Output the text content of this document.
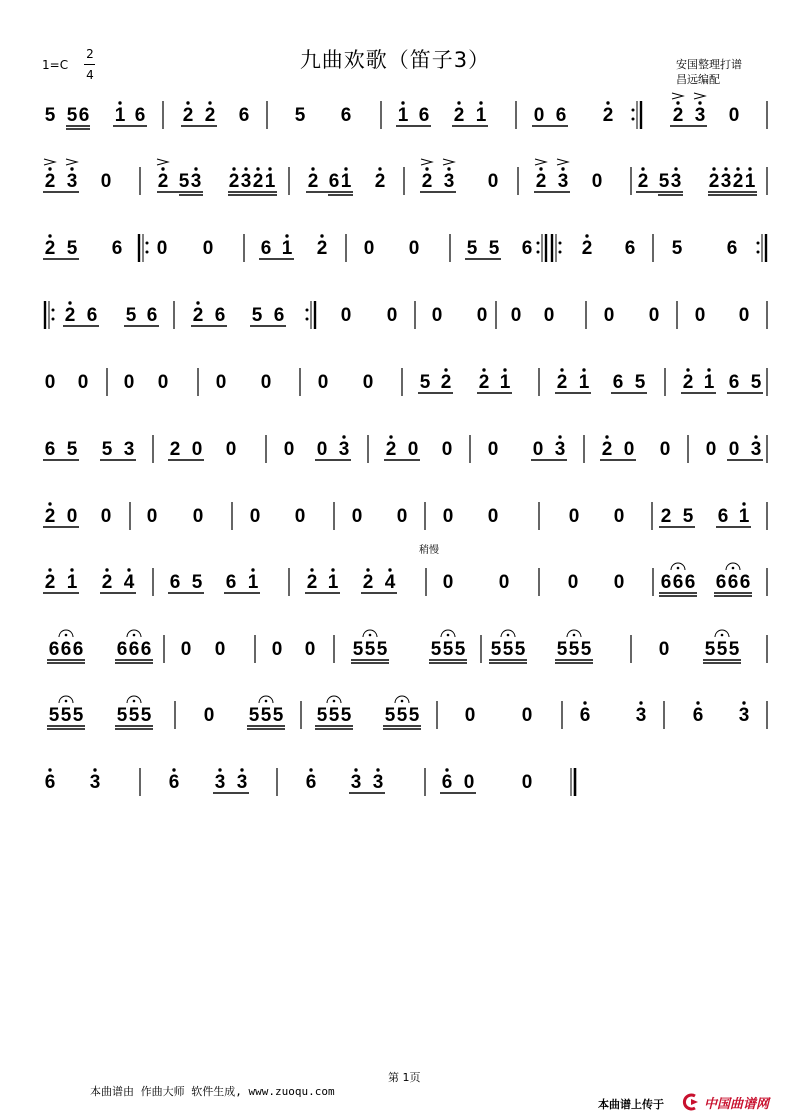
九曲欢歌（笛子3）
1=C
2
4
安国整理打谱
昌远编配
稍慢
5 5 6 1 6 2 2 6 5 6 1 6 2 1 0 6 2	2 3 0
2 3 0 2 5 3 2 3 2 1 2 6 1 2 2 3 0 2 3 0 2 5 3 2 3 2 1
2 5 6 0 0 6 1 2 0 0 5 5 6	2 6 5 6
2 6 5 6 2 6 5 6	0 0 0 0 0 0	0 0 0 0
0 0 0 0 0 0 0 0 5 2 2 1 2 1 6 5 2 1 6 5
6 5 5 3 2 0 0 0 0 3 2 0 0 0 0 3 2 0 0 0 0 3
2 0 0 0 0 0 0 0 0 0 0	0 0 2 5 6 1
2 1 2 4 6 5 6 1	2 1 2 4 0 0	0 0 6 6 6 6 6 6
6 6 6 6 6 6 0 0 0 0 5 5 5 5 5 5 5 5 5 5 5 5	0 5 5 5
5 5 5 5 5 5	0 5 5 5 5 5 5 5 5 5 0 0 6 3 6 3
6 3	6 3 3	6 3 3	6 0 0
第 1页
本曲谱由 作曲大师 软件生成, www.zuoqu.com
本曲谱上传于	中国曲谱网
